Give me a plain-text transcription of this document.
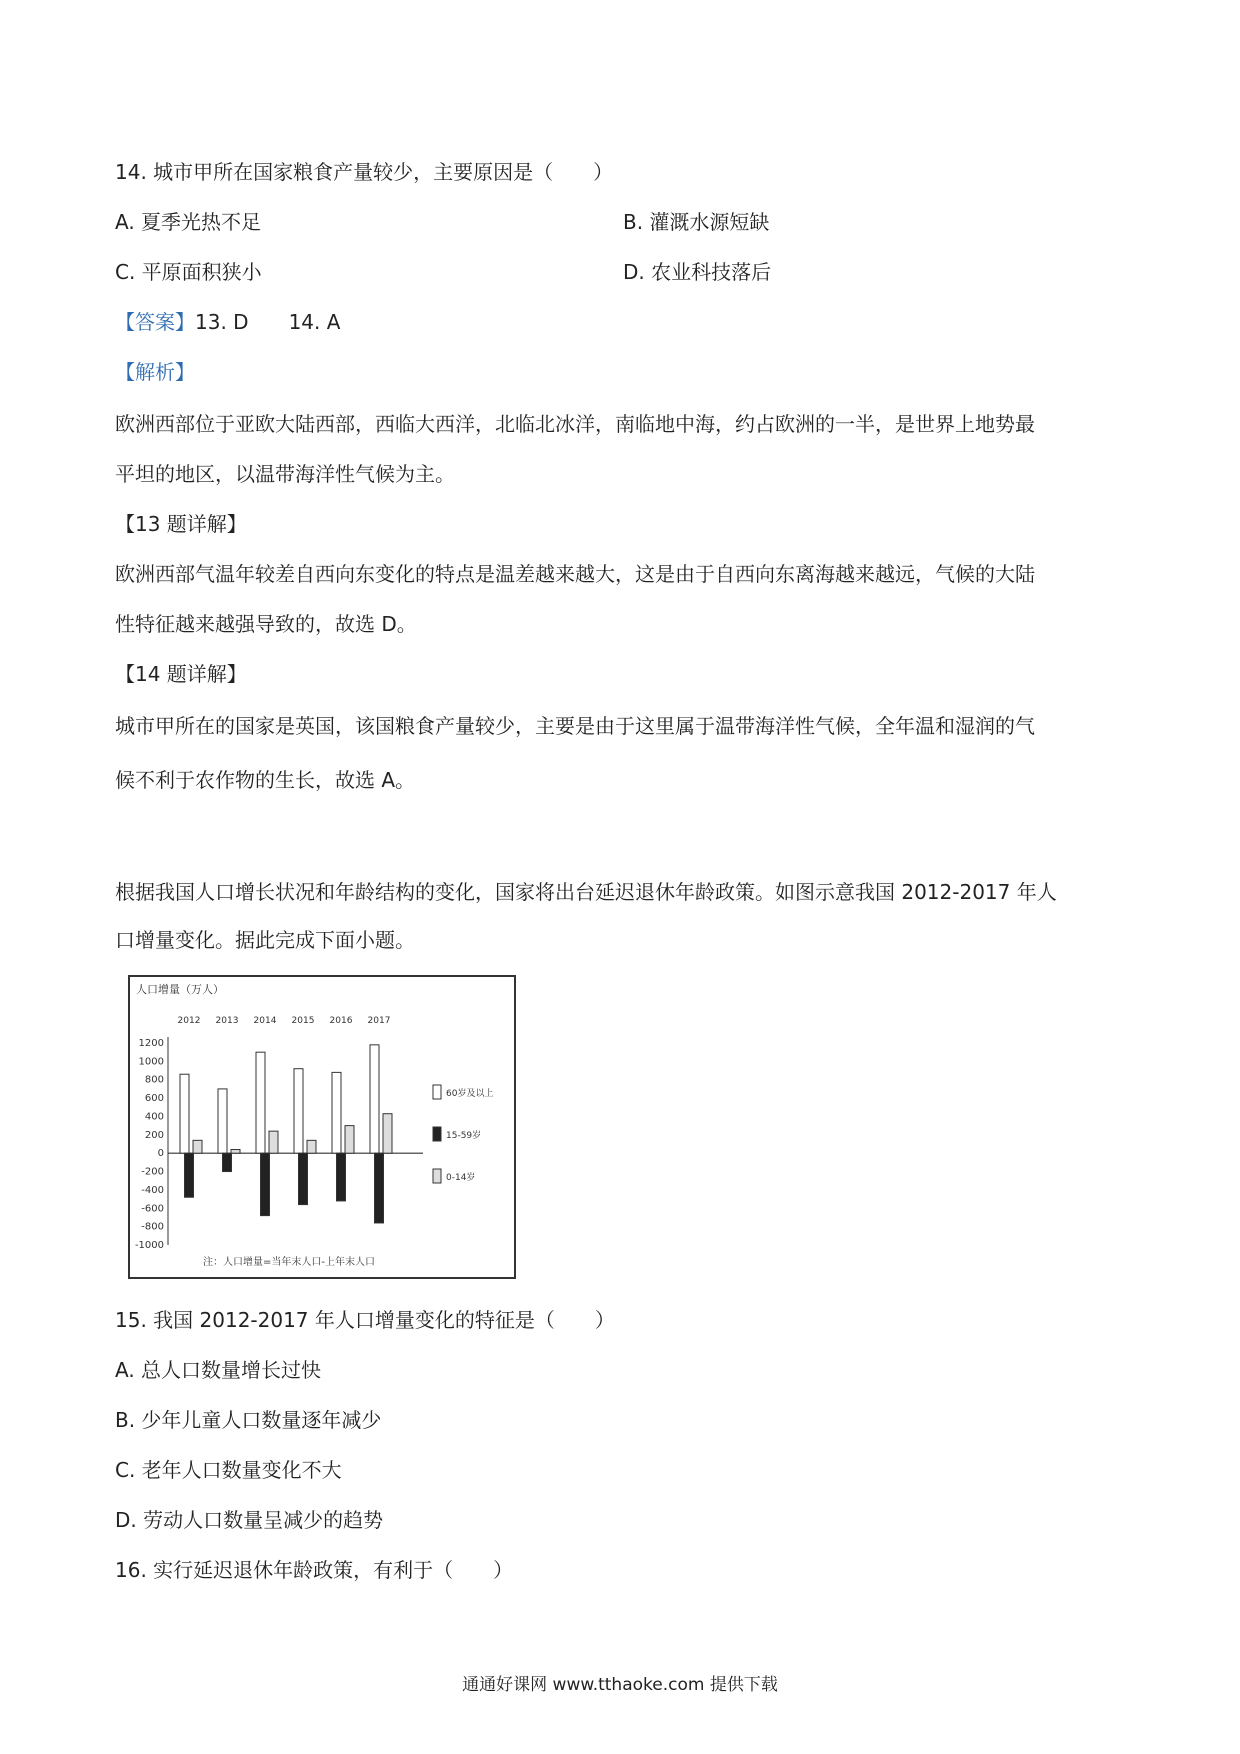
14. 城市甲所在国家粮食产量较少，主要原因是（　　）
A. 夏季光热不足	B. 灌溉水源短缺
C. 平原面积狭小	D. 农业科技落后
【答案】13. D　　14. A
【解析】
欧洲西部位于亚欧大陆西部，西临大西洋，北临北冰洋，南临地中海，约占欧洲的一半，是世界上地势最
平坦的地区，以温带海洋性气候为主。
【13 题详解】
欧洲西部气温年较差自西向东变化的特点是温差越来越大，这是由于自西向东离海越来越远，气候的大陆
性特征越来越强导致的，故选 D。
【14 题详解】
城市甲所在的国家是英国，该国粮食产量较少，主要是由于这里属于温带海洋性气候，全年温和湿润的气
候不利于农作物的生长，故选 A。
根据我国人口增长状况和年龄结构的变化，国家将出台延迟退休年龄政策。如图示意我国 2012-2017 年人
口增量变化。据此完成下面小题。
人口增量（万人）
1200
1000
800
600
400
200
0
-200
-400
-600
-800
-1000
2012 2013 2014 2015 2016 2017
60岁及以上
15-59岁
0-14岁
注：人口增量=当年末人口-上年末人口
15. 我国 2012-2017 年人口增量变化的特征是（　　）
A. 总人口数量增长过快
B. 少年儿童人口数量逐年减少
C. 老年人口数量变化不大
D. 劳动人口数量呈减少的趋势
16. 实行延迟退休年龄政策，有利于（　　）
通通好课网 www.tthaoke.com 提供下载
